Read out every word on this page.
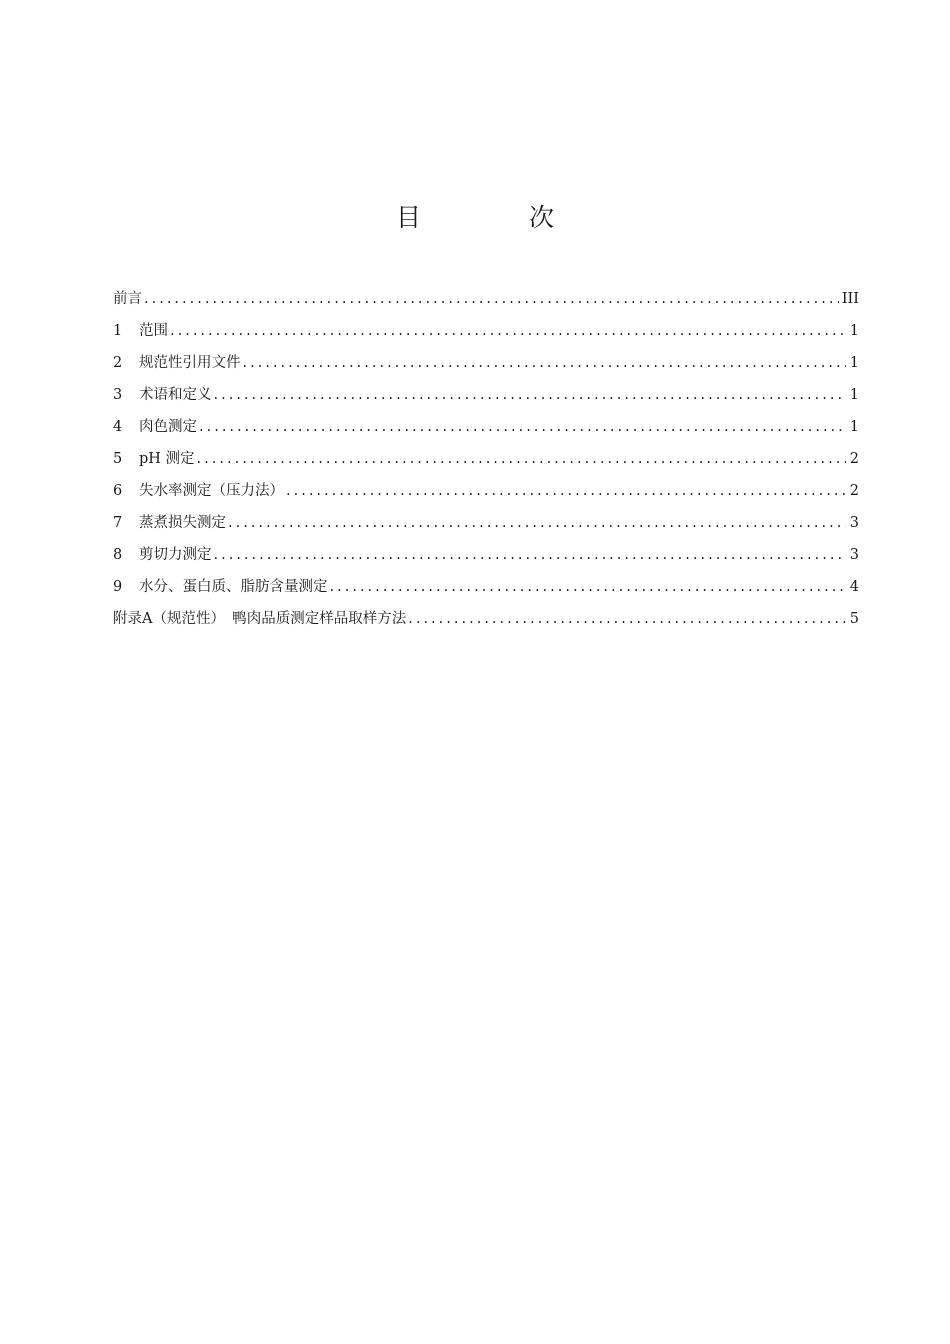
目 次
前言 .....	III
1	范围 .....	1
2	规范性引用文件 .....	1
3	术语和定义 .....	1
4	肉色测定 .....	1
5	pH 测定 .....	2
6	失水率测定（压力法） .....	2
7	蒸煮损失测定 .....	3
8	剪切力测定 .....	3
9	水分、蛋白质、脂肪含量测定 .....	4
附录A（规范性）　鸭肉品质测定样品取样方法 .....	5
